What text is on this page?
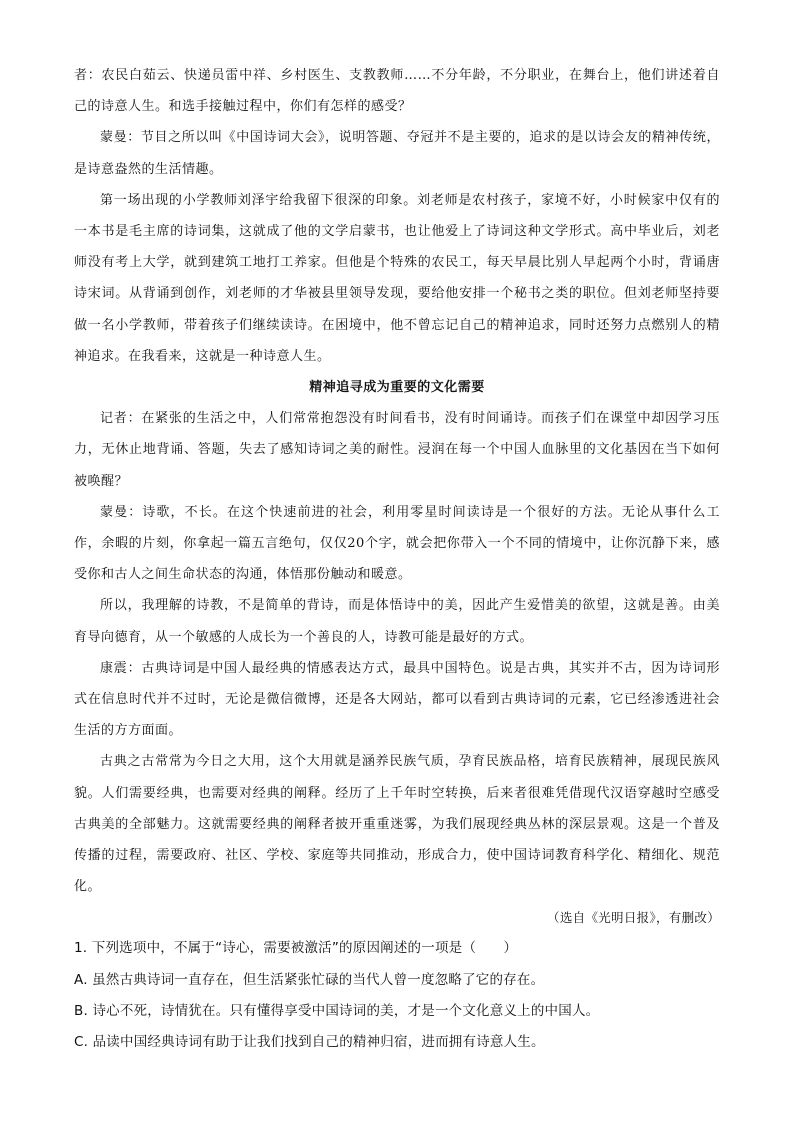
者：农民白茹云、快递员雷中祥、乡村医生、支教教师……不分年龄，不分职业，在舞台上，他们讲述着自己的诗意人生。和选手接触过程中，你们有怎样的感受？

蒙曼：节目之所以叫《中国诗词大会》，说明答题、夺冠并不是主要的，追求的是以诗会友的精神传统，是诗意盎然的生活情趣。

第一场出现的小学教师刘泽宇给我留下很深的印象。刘老师是农村孩子，家境不好，小时候家中仅有的一本书是毛主席的诗词集，这就成了他的文学启蒙书，也让他爱上了诗词这种文学形式。高中毕业后，刘老师没有考上大学，就到建筑工地打工养家。但他是个特殊的农民工，每天早晨比别人早起两个小时，背诵唐诗宋词。从背诵到创作，刘老师的才华被县里领导发现，要给他安排一个秘书之类的职位。但刘老师坚持要做一名小学教师，带着孩子们继续读诗。在困境中，他不曾忘记自己的精神追求，同时还努力点燃别人的精神追求。在我看来，这就是一种诗意人生。

精神追寻成为重要的文化需要

记者：在紧张的生活之中，人们常常抱怨没有时间看书，没有时间诵诗。而孩子们在课堂中却因学习压力，无休止地背诵、答题，失去了感知诗词之美的耐性。浸润在每一个中国人血脉里的文化基因在当下如何被唤醒？

蒙曼：诗歌，不长。在这个快速前进的社会，利用零星时间读诗是一个很好的方法。无论从事什么工作，余暇的片刻，你拿起一篇五言绝句，仅仅20个字，就会把你带入一个不同的情境中，让你沉静下来，感受你和古人之间生命状态的沟通，体悟那份触动和暖意。

所以，我理解的诗教，不是简单的背诗，而是体悟诗中的美，因此产生爱惜美的欲望，这就是善。由美育导向德育，从一个敏感的人成长为一个善良的人，诗教可能是最好的方式。

康震：古典诗词是中国人最经典的情感表达方式，最具中国特色。说是古典，其实并不古，因为诗词形式在信息时代并不过时，无论是微信微博，还是各大网站，都可以看到古典诗词的元素，它已经渗透进社会生活的方方面面。

古典之古常常为今日之大用，这个大用就是涵养民族气质，孕育民族品格，培育民族精神，展现民族风貌。人们需要经典，也需要对经典的阐释。经历了上千年时空转换，后来者很难凭借现代汉语穿越时空感受古典美的全部魅力。这就需要经典的阐释者披开重重迷雾，为我们展现经典丛林的深层景观。这是一个普及传播的过程，需要政府、社区、学校、家庭等共同推动，形成合力，使中国诗词教育科学化、精细化、规范化。

（选自《光明日报》，有删改）

1. 下列选项中，不属于“诗心，需要被激活”的原因阐述的一项是（　　）

A. 虽然古典诗词一直存在，但生活紧张忙碌的当代人曾一度忽略了它的存在。

B. 诗心不死，诗情犹在。只有懂得享受中国诗词的美，才是一个文化意义上的中国人。

C. 品读中国经典诗词有助于让我们找到自己的精神归宿，进而拥有诗意人生。
